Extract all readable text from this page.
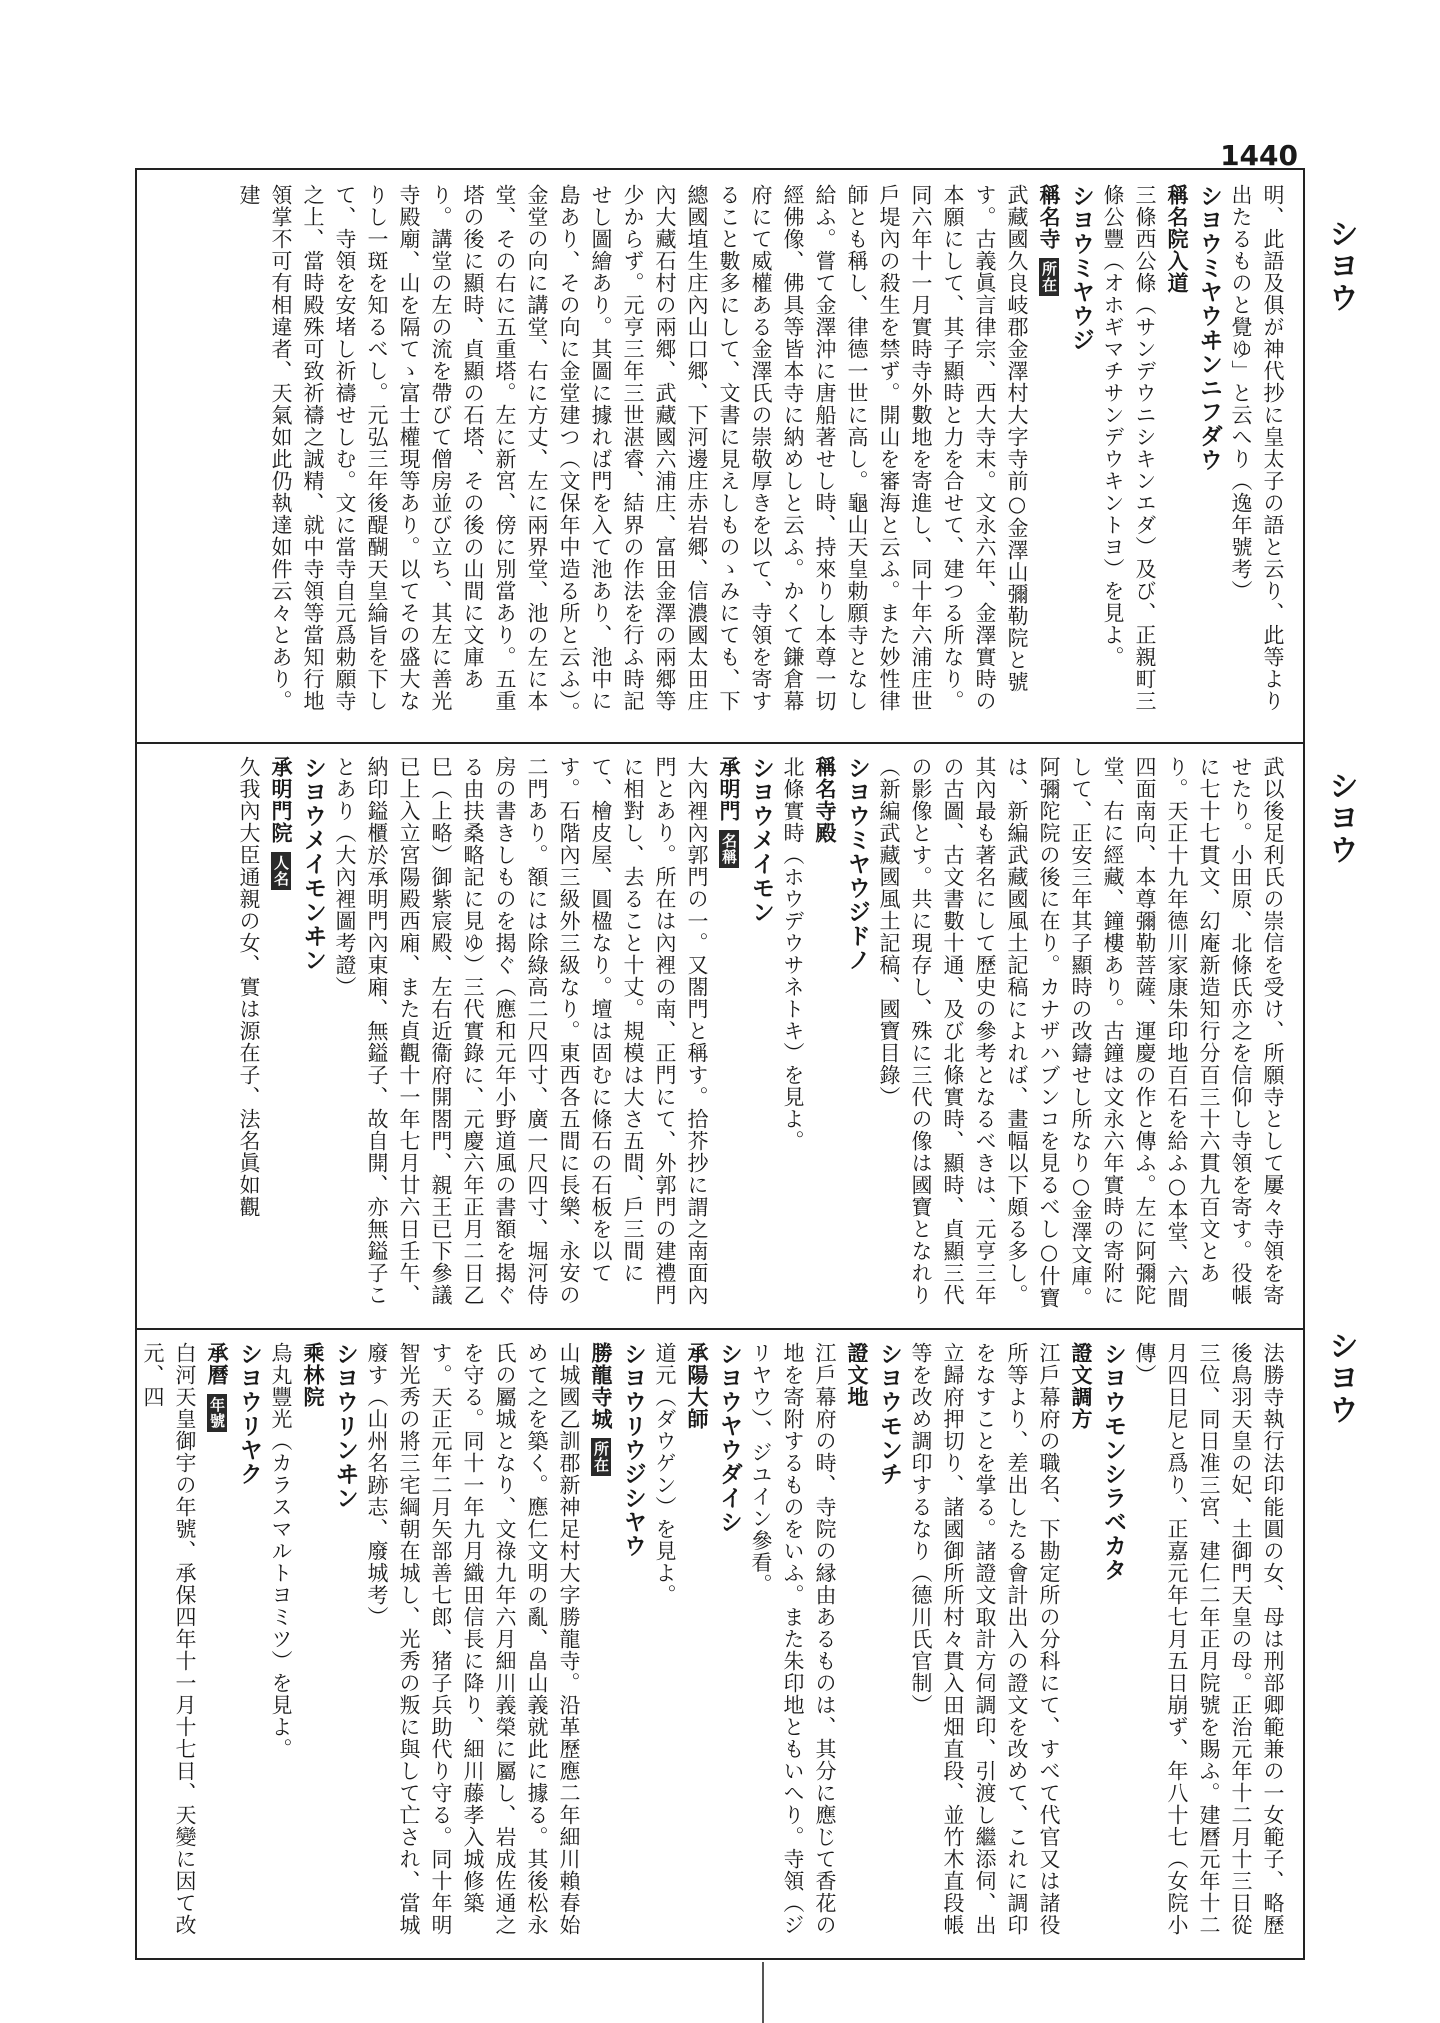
1440
シヨウ
シヨウ
シヨウ

明、此語及俱が神代抄に皇太子の語と云り、此等より出たるものと覺ゆ」と云へり（逸年號考）

シヨウミヤウヰンニフダウ

稱名院入道

三條西公條（サンデウニシキンエダ）及び、正親町三條公豐（オホギマチサンデウキントヨ）を見よ。

シヨウミヤウジ

稱名寺 所在

武藏國久良岐郡金澤村大字寺前○金澤山彌勒院と號す。古義眞言律宗、西大寺末。文永六年、金澤實時の本願にして、其子顯時と力を合せて、建つる所なり。同六年十一月實時寺外數地を寄進し、同十年六浦庄世戶堤內の殺生を禁ず。開山を審海と云ふ。また妙性律師とも稱し、律德一世に高し。龜山天皇勅願寺となし給ふ。嘗て金澤沖に唐船著せし時、持來りし本尊一切經佛像、佛具等皆本寺に納めしと云ふ。かくて鎌倉幕府にて威權ある金澤氏の崇敬厚きを以て、寺領を寄すること數多にして、文書に見えしものゝみにても、下總國埴生庄內山口郷、下河邊庄赤岩郷、信濃國太田庄內大藏石村の兩郷、武藏國六浦庄、富田金澤の兩郷等少からず。元亨三年三世湛睿、結界の作法を行ふ時記せし圖繪あり。其圖に據れば門を入て池あり、池中に島あり、その向に金堂建つ（文保年中造る所と云ふ）。金堂の向に講堂、右に方丈、左に兩界堂、池の左に本堂、その右に五重塔。左に新宮、傍に別當あり。五重塔の後に顯時、貞顯の石塔、その後の山間に文庫あり。講堂の左の流を帶びて僧房並び立ち、其左に善光寺殿廟、山を隔てゝ富士權現等あり。以てその盛大なりし一斑を知るべし。元弘三年後醍醐天皇綸旨を下して、寺領を安堵し祈禱せしむ。文に當寺自元爲勅願寺之上、當時殿殊可致祈禱之誠精、就中寺領等當知行地領掌不可有相違者、天氣如此仍執達如件云々とあり。建

武以後足利氏の崇信を受け、所願寺として屢々寺領を寄せたり。小田原、北條氏亦之を信仰し寺領を寄す。役帳に七十七貫文、幻庵新造知行分百三十六貫九百文とあり。天正十九年德川家康朱印地百石を給ふ○本堂、六間四面南向、本尊彌勒菩薩、運慶の作と傳ふ。左に阿彌陀堂、右に經藏、鐘樓あり。古鐘は文永六年實時の寄附にして、正安三年其子顯時の改鑄せし所なり○金澤文庫。阿彌陀院の後に在り。カナザハブンコを見るべし○什寶は、新編武藏國風土記稿によれば、畫幅以下頗る多し。其內最も著名にして歷史の參考となるべきは、元亨三年の古圖、古文書數十通、及び北條實時、顯時、貞顯三代の影像とす。共に現存し、殊に三代の像は國寶となれり（新編武藏國風土記稿、國寶目錄）

シヨウミヤウジドノ

稱名寺殿

北條實時（ホウデウサネトキ）を見よ。

シヨウメイモン

承明門 名稱

大內裡內郭門の一。又閤門と稱す。拾芥抄に謂之南面內門とあり。所在は內裡の南、正門にて、外郭門の建禮門に相對し、去ること十丈。規模は大さ五間、戶三間にて、檜皮屋、圓楹なり。壇は固むに條石の石板を以てす。石階內三級外三級なり。東西各五間に長樂、永安の二門あり。額には除綠高二尺四寸、廣一尺四寸、堀河侍房の書きしものを揭ぐ（應和元年小野道風の書額を揭ぐる由扶桑略記に見ゆ）三代實錄に、元慶六年正月二日乙巳（上略）御紫宸殿、左右近衞府開閤門、親王已下參議已上入立宮陽殿西廂、また貞觀十一年七月廿六日壬午、納印鎰櫃於承明門內東廂、無鎰子、故自開、亦無鎰子ことあり（大內裡圖考證）

シヨウメイモンヰン

承明門院 人名

久我內大臣通親の女、實は源在子、法名眞如觀

法勝寺執行法印能圓の女、母は刑部卿範兼の一女範子、略歷後鳥羽天皇の妃、土御門天皇の母。正治元年十二月十三日從三位、同日准三宮、建仁二年正月院號を賜ふ。建曆元年十二月四日尼と爲り、正嘉元年七月五日崩ず、年八十七（女院小傳）

シヨウモンシラベカタ

證文調方

江戶幕府の職名、下勘定所の分科にて、すべて代官又は諸役所等より、差出したる會計出入の證文を改めて、これに調印をなすことを掌る。諸證文取計方伺調印、引渡し繼添伺、出立歸府押切り、諸國御所所村々貫入田畑直段、並竹木直段帳等を改め調印するなり（德川氏官制）

シヨウモンチ

證文地

江戶幕府の時、寺院の縁由あるものは、其分に應じて香花の地を寄附するものをいふ。また朱印地ともいへり。寺領（ジリヤウ）、ジユイン參看。

シヨウヤウダイシ

承陽大師

道元（ダウゲン）を見よ。

シヨウリウジシヤウ

勝龍寺城 所在

山城國乙訓郡新神足村大字勝龍寺。沿革歷應二年細川賴春始めて之を築く。應仁文明の亂、畠山義就此に據る。其後松永氏の屬城となり、文祿九年六月細川義榮に屬し、岩成佐通之を守る。同十一年九月織田信長に降り、細川藤孝入城修築す。天正元年二月矢部善七郎、猪子兵助代り守る。同十年明智光秀の將三宅綱朝在城し、光秀の叛に與して亡され、當城廢す（山州名跡志、廢城考）

シヨウリンヰン

乘林院

烏丸豐光（カラスマルトヨミツ）を見よ。

シヨウリヤク

承曆 年號

白河天皇御宇の年號、承保四年十一月十七日、天變に因て改元、四
